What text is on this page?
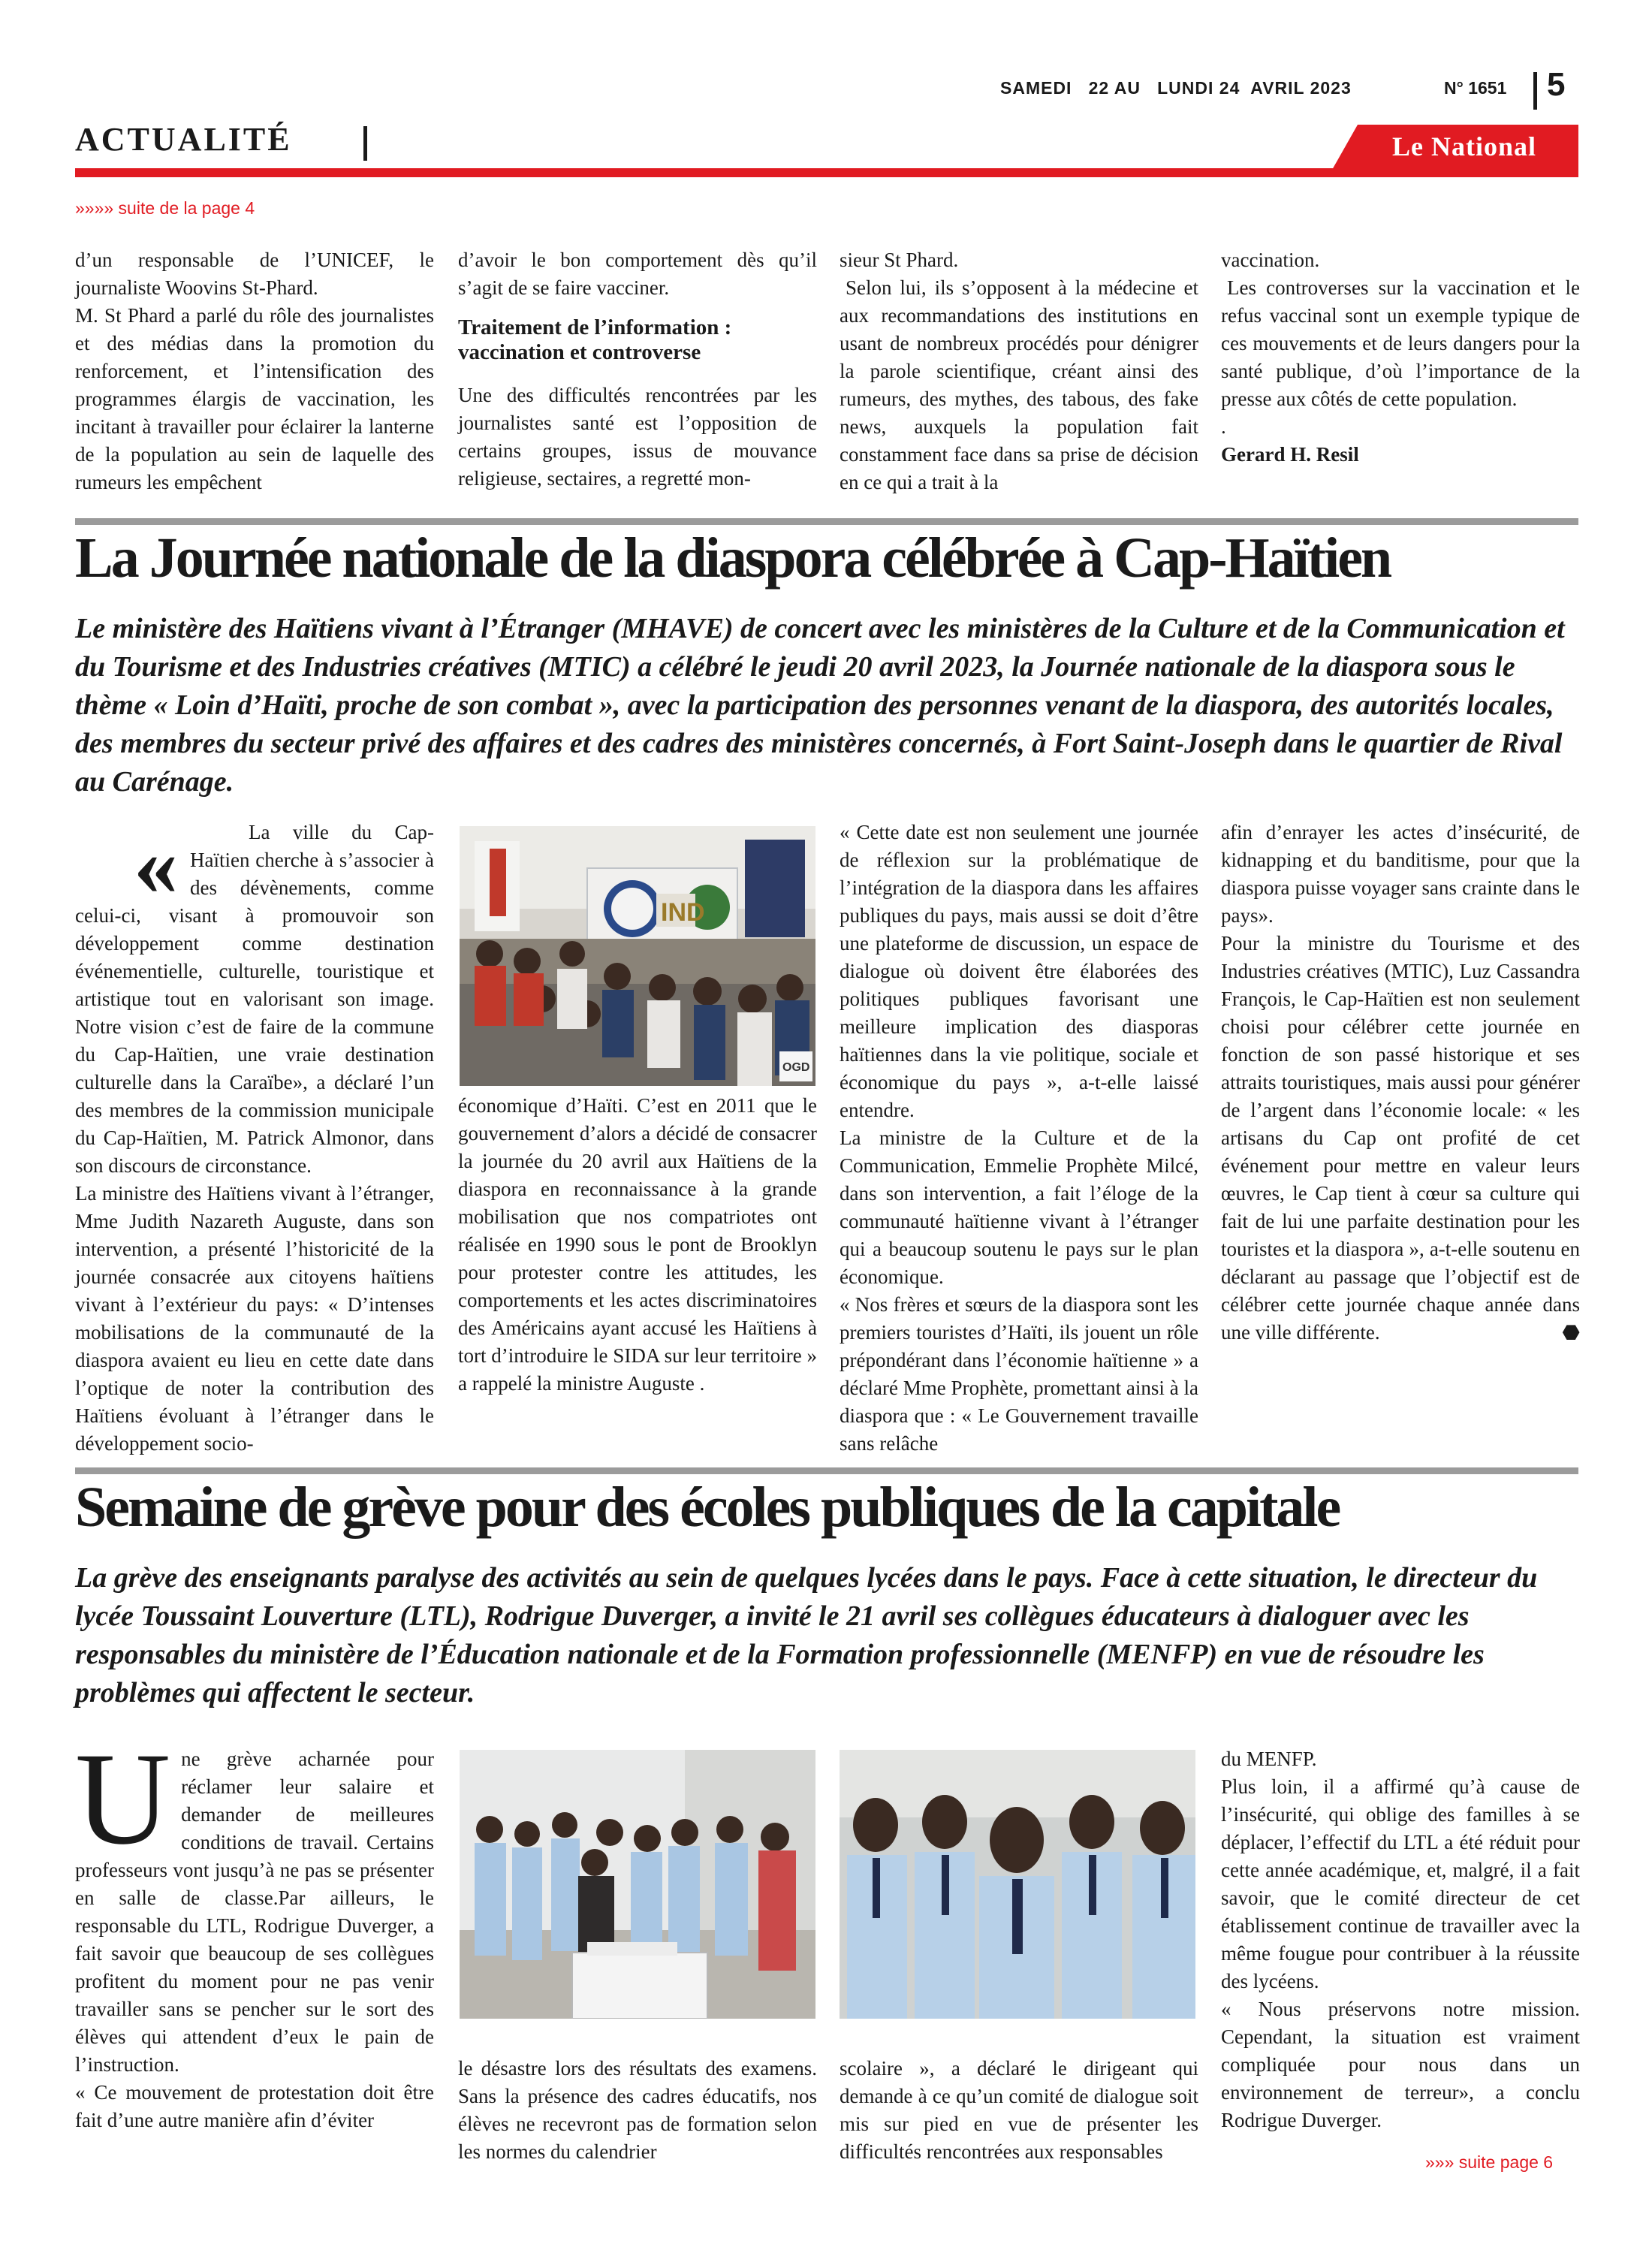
SAMEDI   22 AU   LUNDI 24  AVRIL 2023	N° 1651 5
ACTUALITÉ	Le National
»»»» suite de la page 4

d’un responsable de l’UNICEF, le journaliste Woovins St-Phard.

M. St Phard a parlé du rôle des journalistes et des médias dans la promotion du renforcement, et l’intensification des programmes élargis de vaccination, les incitant à travailler pour éclairer la lanterne de la population au sein de laquelle des rumeurs les empêchent

d’avoir le bon comportement dès qu’il s’agit de se faire vacciner.

Traitement de l’information : vaccination et controverse

Une des difficultés rencontrées par les journalistes santé est l’opposition de certains groupes, issus de mouvance religieuse, sectaires, a regretté mon-

sieur St Phard.

Selon lui, ils s’opposent à la médecine et aux recommandations des institutions en usant de nombreux procédés pour dénigrer la parole scientifique, créant ainsi des rumeurs, des mythes, des tabous, des fake news, auxquels la population fait constamment face dans sa prise de décision en ce qui a trait à la

vaccination.

Les controverses sur la vaccination et le refus vaccinal sont un exemple typique de ces mouvements et de leurs dangers pour la santé publique, d’où l’importance de la presse aux côtés de cette population.

.

Gerard H. Resil

La Journée nationale de la diaspora célébrée à Cap-Haïtien

Le ministère des Haïtiens vivant à l’Étranger (MHAVE) de concert avec les ministères de la Culture et de la Communication et du Tourisme et des Industries créatives (MTIC) a célébré le jeudi 20 avril 2023, la Journée nationale de la diaspora sous le thème « Loin d’Haïti, proche de son combat », avec la participation des personnes venant de la diaspora, des autorités locales, des membres du secteur privé des affaires et des cadres des ministères concernés, à Fort Saint-Joseph dans le quartier de Rival au Carénage.

«	La ville du Cap-Haïtien cherche à s’associer à des dévènements, comme celui-ci, visant à promouvoir son développement comme destination événementielle, culturelle, touristique et artistique tout en valorisant son image. Notre vision c’est de faire de la commune du Cap-Haïtien, une vraie destination culturelle dans la Caraïbe», a déclaré l’un des membres de la commission municipale du Cap-Haïtien, M. Patrick Almonor, dans son discours de circonstance.

La ministre des Haïtiens vivant à l’étranger, Mme Judith Nazareth Auguste, dans son intervention, a présenté l’historicité de la journée consacrée aux citoyens haïtiens vivant à l’extérieur du pays: « D’intenses mobilisations de la communauté de la diaspora avaient eu lieu en cette date dans l’optique de noter la contribution des Haïtiens évoluant à l’étranger dans le développement socio-

IND
OGD

économique d’Haïti. C’est en 2011 que le gouvernement d’alors a décidé de consacrer la journée du 20 avril aux Haïtiens de la diaspora en reconnaissance à la grande mobilisation que nos compatriotes ont réalisée en 1990 sous le pont de Brooklyn pour protester contre les attitudes, les comportements et les actes discriminatoires des Américains ayant accusé les Haïtiens à tort d’introduire le SIDA sur leur territoire » a rappelé la ministre Auguste .

« Cette date est non seulement une journée de réflexion sur la problématique de l’intégration de la diaspora dans les affaires publiques du pays, mais aussi se doit d’être une plateforme de discussion, un espace de dialogue où doivent être élaborées des politiques publiques favorisant une meilleure implication des diasporas haïtiennes dans la vie politique, sociale et économique du pays », a-t-elle laissé entendre.

La ministre de la Culture et de la Communication, Emmelie Prophète Milcé, dans son intervention, a fait l’éloge de la communauté haïtienne vivant à l’étranger qui a beaucoup soutenu le pays sur le plan économique.

« Nos frères et sœurs de la diaspora sont les premiers touristes d’Haïti, ils jouent un rôle prépondérant dans l’économie haïtienne » a déclaré Mme Prophète, promettant ainsi à la diaspora que : « Le Gouvernement travaille sans relâche

afin d’enrayer les actes d’insécurité, de kidnapping et du banditisme, pour que la diaspora puisse voyager sans crainte dans le pays».

Pour la ministre du Tourisme et des Industries créatives (MTIC), Luz Cassandra François, le Cap-Haïtien est non seulement choisi pour célébrer cette journée en fonction de son passé historique et ses attraits touristiques, mais aussi pour générer de l’argent dans l’économie locale: « les artisans du Cap ont profité de cet événement pour mettre en valeur leurs œuvres, le Cap tient à cœur sa culture qui fait de lui une parfaite destination pour les touristes et la diaspora », a-t-elle soutenu en déclarant au passage que l’objectif est de célébrer cette journée chaque année dans une ville différente.	⬣

Semaine de grève pour des écoles publiques de la capitale

La grève des enseignants paralyse des activités au sein de quelques lycées dans le pays. Face à cette situation, le directeur du lycée Toussaint Louverture (LTL), Rodrigue Duverger, a invité le 21 avril ses collègues éducateurs à dialoguer avec les responsables du ministère de l’Éducation nationale et de la Formation professionnelle (MENFP) en vue de résoudre les problèmes qui affectent le secteur.

Une grève acharnée pour réclamer leur salaire et demander de meilleures conditions de travail. Certains professeurs vont jusqu’à ne pas se présenter en salle de classe.Par ailleurs, le responsable du LTL, Rodrigue Duverger, a fait savoir que beaucoup de ses collègues profitent du moment pour ne pas venir travailler sans se pencher sur le sort des élèves qui attendent d’eux le pain de l’instruction.

« Ce mouvement de protestation doit être fait d’une autre manière afin d’éviter

le désastre lors des résultats des examens. Sans la présence des cadres éducatifs, nos élèves ne recevront pas de formation selon les normes du calendrier

scolaire », a déclaré le dirigeant qui demande à ce qu’un comité de dialogue soit mis sur pied en vue de présenter les difficultés rencontrées aux responsables

du MENFP.

Plus loin, il a affirmé qu’à cause de l’insécurité, qui oblige des familles à se déplacer, l’effectif du LTL a été réduit pour cette année académique, et, malgré, il a fait savoir, que le comité directeur de cet établissement continue de travailler avec la même fougue pour contribuer à la réussite des lycéens.

« Nous préservons notre mission. Cependant, la situation est vraiment compliquée pour nous dans un environnement de terreur», a conclu Rodrigue Duverger.

»»» suite page 6
